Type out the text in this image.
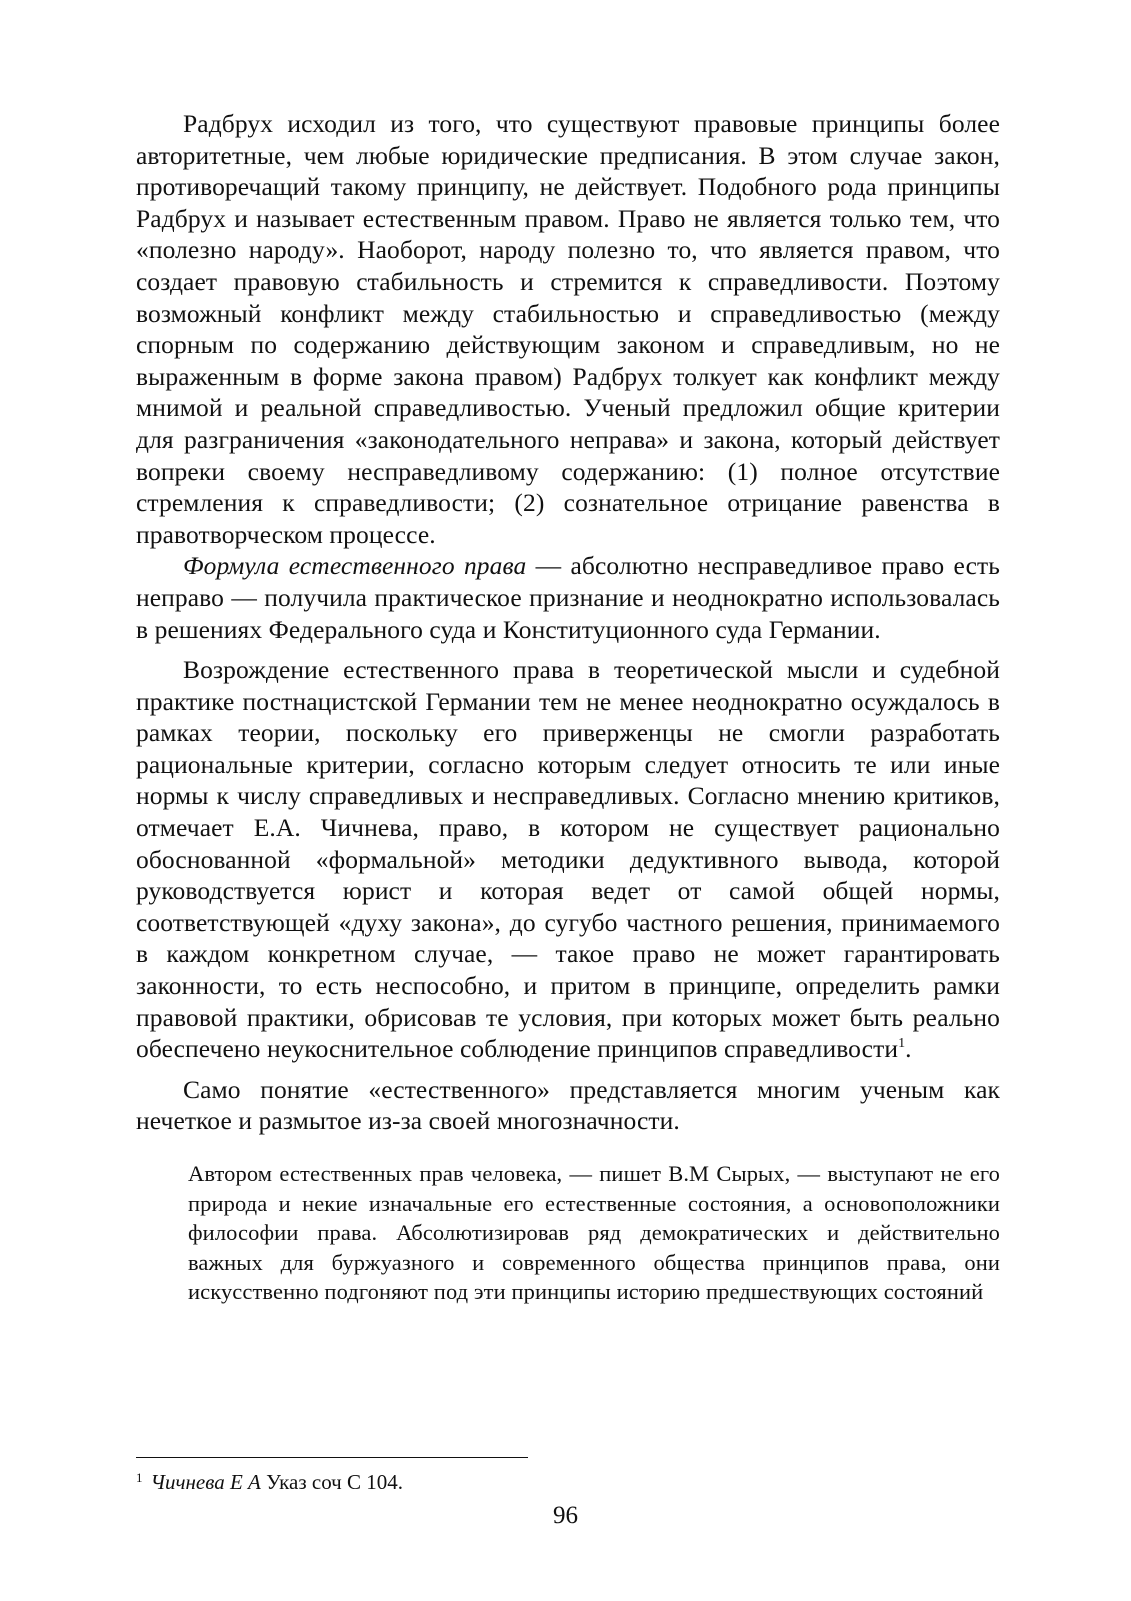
Радбрух исходил из того, что существуют правовые принципы более авторитетные, чем любые юридические предписания. В этом случае закон, противоречащий такому принципу, не действует. Подобного рода принципы Радбрух и называет естественным правом. Право не является только тем, что «полезно народу». Наоборот, народу полезно то, что является правом, что создает правовую стабильность и стремится к справедливости. Поэтому возможный конфликт между стабильностью и справедливостью (между спорным по содержанию действующим законом и справедливым, но не выраженным в форме закона правом) Радбрух толкует как конфликт между мнимой и реальной справедливостью. Ученый предложил общие критерии для разграничения «законодательного неправа» и закона, который действует вопреки своему несправедливому содержанию: (1) полное отсутствие стремления к справедливости; (2) сознательное отрицание равенства в правотворческом процессе.

Формула естественного права — абсолютно несправедливое право есть неправо — получила практическое признание и неоднократно использовалась в решениях Федерального суда и Конституционного суда Германии.

Возрождение естественного права в теоретической мысли и судебной практике постнацистской Германии тем не менее неоднократно осуждалось в рамках теории, поскольку его приверженцы не смогли разработать рациональные критерии, согласно которым следует относить те или иные нормы к числу справедливых и несправедливых. Согласно мнению критиков, отмечает Е.А. Чичнева, право, в котором не существует рационально обоснованной «формальной» методики дедуктивного вывода, которой руководствуется юрист и которая ведет от самой общей нормы, соответствующей «духу закона», до сугубо частного решения, принимаемого в каждом конкретном случае, — такое право не может гарантировать законности, то есть неспособно, и притом в принципе, определить рамки правовой практики, обрисовав те условия, при которых может быть реально обеспечено неукоснительное соблюдение принципов справедливости$^1$.

Само понятие «естественного» представляется многим ученым как нечеткое и размытое из-за своей многозначности.

Автором естественных прав человека, — пишет В.М Сырых, — выступают не его природа и некие изначальные его естественные состояния, а основоположники философии права. Абсолютизировав ряд демократических и действительно важных для буржуазного и современного общества принципов права, они искусственно подгоняют под эти принципы историю предшествующих состояний

$^1$ Чичнева Е А Указ соч С 104.
96
